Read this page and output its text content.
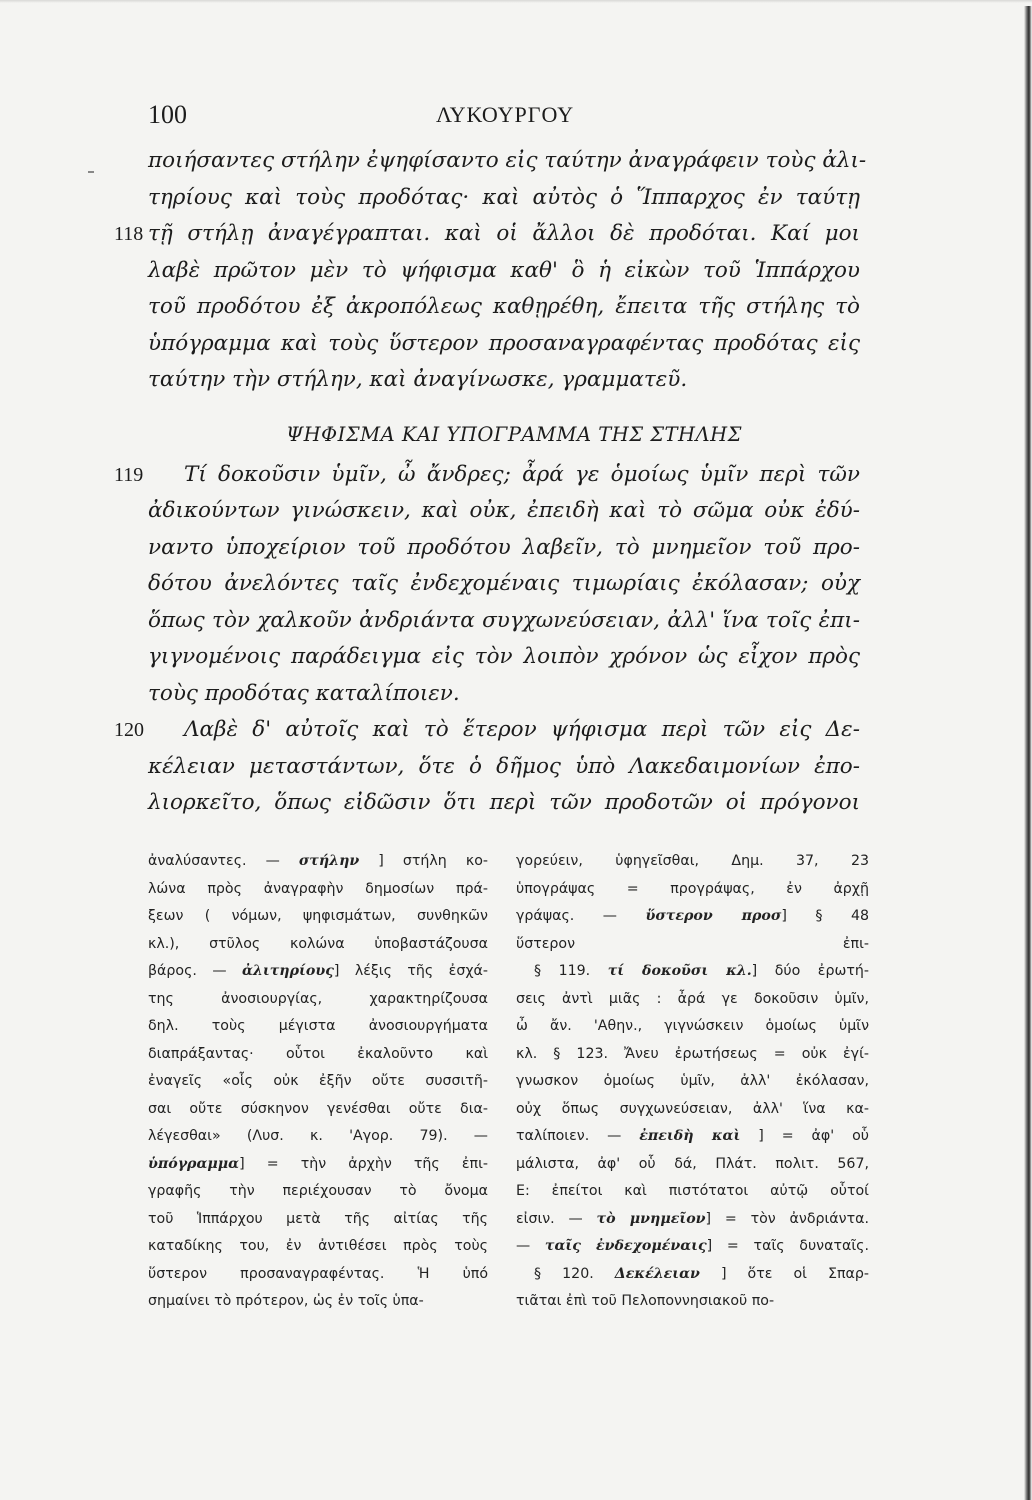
100	ΛΥΚΟΥΡΓΟΥ
ποιήσαντες στήλην ἐψηφίσαντο εἰς ταύτην ἀναγράφειν τοὺς ἀλι-
τηρίους καὶ τοὺς προδότας· καὶ αὐτὸς ὁ Ἵππαρχος ἐν ταύτῃ
118 τῇ στήλῃ ἀναγέγραπται. καὶ οἱ ἄλλοι δὲ προδόται. Καί μοι
λαβὲ πρῶτον μὲν τὸ ψήφισμα καθ' ὃ ἡ εἰκὼν τοῦ Ἱππάρχου
τοῦ προδότου ἐξ ἀκροπόλεως καθῃρέθη, ἔπειτα τῆς στήλης τὸ
ὑπόγραμμα καὶ τοὺς ὕστερον προσαναγραφέντας προδότας εἰς
ταύτην τὴν στήλην, καὶ ἀναγίνωσκε, γραμματεῦ.
ΨΗΦΙΣΜΑ ΚΑΙ ΥΠΟΓΡΑΜΜΑ ΤΗΣ ΣΤΗΛΗΣ
119 Τί δοκοῦσιν ὑμῖν, ὦ ἄνδρες; ἆρά γε ὁμοίως ὑμῖν περὶ τῶν
ἀδικούντων γινώσκειν, καὶ οὐκ, ἐπειδὴ καὶ τὸ σῶμα οὐκ ἐδύ-
ναντο ὑποχείριον τοῦ προδότου λαβεῖν, τὸ μνημεῖον τοῦ προ-
δότου ἀνελόντες ταῖς ἐνδεχομέναις τιμωρίαις ἐκόλασαν; οὐχ
ὅπως τὸν χαλκοῦν ἀνδριάντα συγχωνεύσειαν, ἀλλ' ἵνα τοῖς ἐπι-
γιγνομένοις παράδειγμα εἰς τὸν λοιπὸν χρόνον ὡς εἶχον πρὸς
τοὺς προδότας καταλίποιεν.
120 Λαβὲ δ' αὐτοῖς καὶ τὸ ἕτερον ψήφισμα περὶ τῶν εἰς Δε-
κέλειαν μεταστάντων, ὅτε ὁ δῆμος ὑπὸ Λακεδαιμονίων ἐπο-
λιορκεῖτο, ὅπως εἰδῶσιν ὅτι περὶ τῶν προδοτῶν οἱ πρόγονοι
ἀναλύσαντες. — στήλην ] στήλη κο-
λώνα πρὸς ἀναγραφὴν δημοσίων πρά-
ξεων ( νόμων, ψηφισμάτων, συνθηκῶν
κλ.), στῦλος κολώνα ὑποβαστάζουσα
βάρος. — ἀλιτηρίους] λέξις τῆς ἐσχά-
της ἀνοσιουργίας, χαρακτηρίζουσα
δηλ. τοὺς μέγιστα ἀνοσιουργήματα
διαπράξαντας· οὗτοι ἐκαλοῦντο καὶ
ἐναγεῖς «οἷς οὐκ ἐξῆν οὔτε συσσιτῆ-
σαι οὔτε σύσκηνον γενέσθαι οὔτε δια-
λέγεσθαι» (Λυσ. κ. 'Αγορ. 79). —
ὑπόγραμμα] = τὴν ἀρχὴν τῆς ἐπι-
γραφῆς τὴν περιέχουσαν τὸ ὄνομα
τοῦ Ἱππάρχου μετὰ τῆς αἰτίας τῆς
καταδίκης του, ἐν ἀντιθέσει πρὸς τοὺς
ὕστερον προσαναγραφέντας. Ἡ ὑπό
σημαίνει τὸ πρότερον, ὡς ἐν τοῖς ὑπα-
γορεύειν, ὑφηγεῖσθαι, Δημ. 37, 23
ὑπογράψας = προγράψας, ἐν ἀρχῇ
γράψας. — ὕστερον προσ] § 48
ὕστερον ἐπι-
§ 119. τί δοκοῦσι κλ.] δύο ἐρωτή-
σεις ἀντὶ μιᾶς : ἆρά γε δοκοῦσιν ὑμῖν,
ὦ ἄν. 'Αθην., γιγνώσκειν ὁμοίως ὑμῖν
κλ. § 123. Ἄνευ ἐρωτήσεως = οὐκ ἐγί-
γνωσκον ὁμοίως ὑμῖν, ἀλλ' ἐκόλασαν,
οὐχ ὅπως συγχωνεύσειαν, ἀλλ' ἵνα κα-
ταλίποιεν. — ἐπειδὴ καὶ ] = ἀφ' οὗ
μάλιστα, ἀφ' οὗ δά, Πλάτ. πολιτ. 567,
Ε: ἐπείτοι καὶ πιστότατοι αὐτῷ οὗτοί
εἰσιν. — τὸ μνημεῖον] = τὸν ἀνδριάντα.
— ταῖς ἐνδεχομέναις] = ταῖς δυναταῖς.
§ 120. Δεκέλειαν ] ὅτε οἱ Σπαρ-
τιᾶται ἐπὶ τοῦ Πελοποννησιακοῦ πο-
